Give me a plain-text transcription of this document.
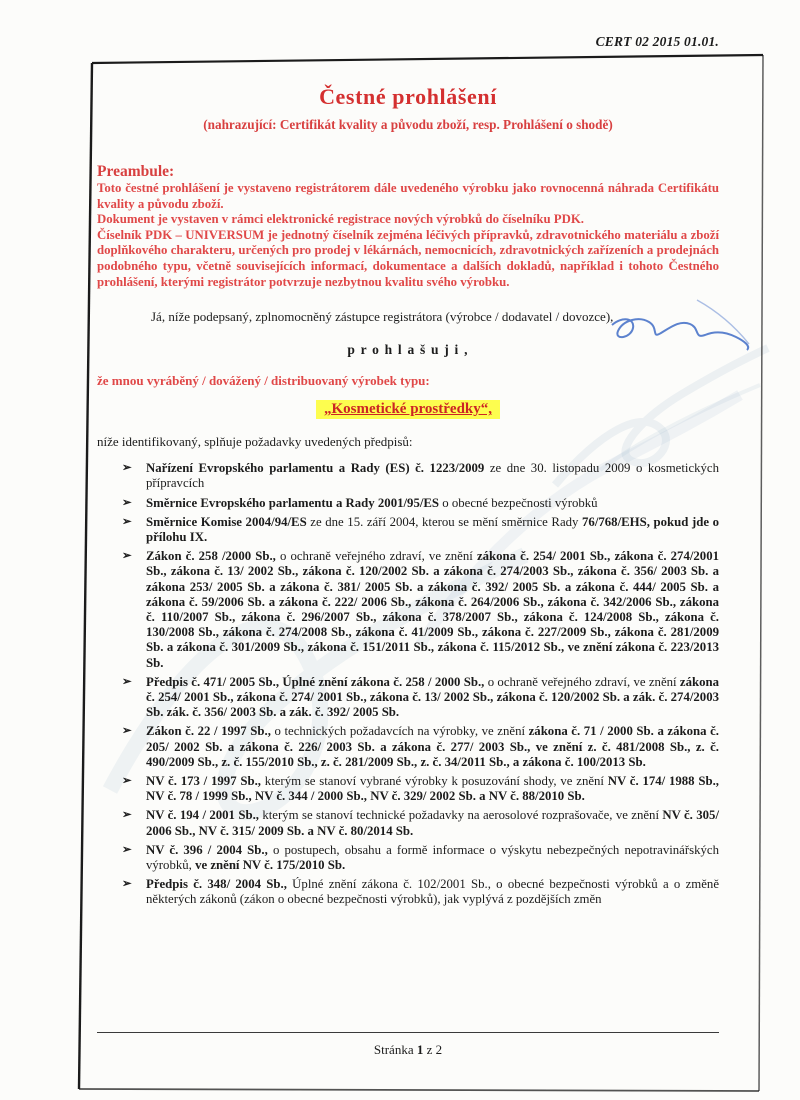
CERT 02 2015 01.01.
Čestné prohlášení
(nahrazující: Certifikát kvality a původu zboží, resp. Prohlášení o shodě)
Preambule:

Toto čestné prohlášení je vystaveno registrátorem dále uvedeného výrobku jako rovnocenná náhrada Certifikátu kvality a původu zboží.

Dokument je vystaven v rámci elektronické registrace nových výrobků do číselníku PDK.

Číselník PDK – UNIVERSUM je jednotný číselník zejména léčivých přípravků, zdravotnického materiálu a zboží doplňkového charakteru, určených pro prodej v lékárnách, nemocnicích, zdravotnických zařízeních a prodejnách podobného typu, včetně souvisejících informací, dokumentace a dalších dokladů, například i tohoto Čestného prohlášení, kterými registrátor potvrzuje nezbytnou kvalitu svého výrobku.

Já, níže podepsaný, zplnomocněný zástupce registrátora (výrobce / dodavatel / dovozce),
p r o h l a š u j i ,
že mnou vyráběný / dovážený / distribuovaný výrobek typu:
„Kosmetické prostředky“,
níže identifikovaný, splňuje požadavky uvedených předpisů:
➢ Nařízení Evropského parlamentu a Rady (ES) č. 1223/2009 ze dne 30. listopadu 2009 o kosmetických přípravcích
➢ Směrnice Evropského parlamentu a Rady 2001/95/ES o obecné bezpečnosti výrobků
➢ Směrnice Komise 2004/94/ES ze dne 15. září 2004, kterou se mění směrnice Rady 76/768/EHS, pokud jde o přílohu IX.
➢ Zákon č. 258 /2000 Sb., o ochraně veřejného zdraví, ve znění zákona č. 254/ 2001 Sb., zákona č. 274/2001 Sb., zákona č. 13/ 2002 Sb., zákona č. 120/2002 Sb. a zákona č. 274/2003 Sb., zákona č. 356/ 2003 Sb. a zákona 253/ 2005 Sb. a zákona č. 381/ 2005 Sb. a zákona č. 392/ 2005 Sb. a zákona č. 444/ 2005 Sb. a zákona č. 59/2006 Sb. a zákona č. 222/ 2006 Sb., zákona č. 264/2006 Sb., zákona č. 342/2006 Sb., zákona č. 110/2007 Sb., zákona č. 296/2007 Sb., zákona č. 378/2007 Sb., zákona č. 124/2008 Sb., zákona č. 130/2008 Sb., zákona č. 274/2008 Sb., zákona č. 41/2009 Sb., zákona č. 227/2009 Sb., zákona č. 281/2009 Sb. a zákona č. 301/2009 Sb., zákona č. 151/2011 Sb., zákona č. 115/2012 Sb., ve znění zákona č. 223/2013 Sb.
➢ Předpis č. 471/ 2005 Sb., Úplné znění zákona č. 258 / 2000 Sb., o ochraně veřejného zdraví, ve znění zákona č. 254/ 2001 Sb., zákona č. 274/ 2001 Sb., zákona č. 13/ 2002 Sb., zákona č. 120/2002 Sb. a zák. č. 274/2003 Sb. zák. č. 356/ 2003 Sb. a zák. č. 392/ 2005 Sb.
➢ Zákon č. 22 / 1997 Sb., o technických požadavcích na výrobky, ve znění zákona č. 71 / 2000 Sb. a zákona č. 205/ 2002 Sb. a zákona č. 226/ 2003 Sb. a zákona č. 277/ 2003 Sb., ve znění z. č. 481/2008 Sb., z. č. 490/2009 Sb., z. č. 155/2010 Sb., z. č. 281/2009 Sb., z. č. 34/2011 Sb., a zákona č. 100/2013 Sb.
➢ NV č. 173 / 1997 Sb., kterým se stanoví vybrané výrobky k posuzování shody, ve znění NV č. 174/ 1988 Sb., NV č. 78 / 1999 Sb., NV č. 344 / 2000 Sb., NV č. 329/ 2002 Sb. a NV č. 88/2010 Sb.
➢ NV č. 194 / 2001 Sb., kterým se stanoví technické požadavky na aerosolové rozprašovače, ve znění NV č. 305/ 2006 Sb., NV č. 315/ 2009 Sb. a NV č. 80/2014 Sb.
➢ NV č. 396 / 2004 Sb., o postupech, obsahu a formě informace o výskytu nebezpečných nepotravinářských výrobků, ve znění NV č. 175/2010 Sb.
➢ Předpis č. 348/ 2004 Sb., Úplné znění zákona č. 102/2001 Sb., o obecné bezpečnosti výrobků a o změně některých zákonů (zákon o obecné bezpečnosti výrobků), jak vyplývá z pozdějších změn
Stránka 1 z 2
